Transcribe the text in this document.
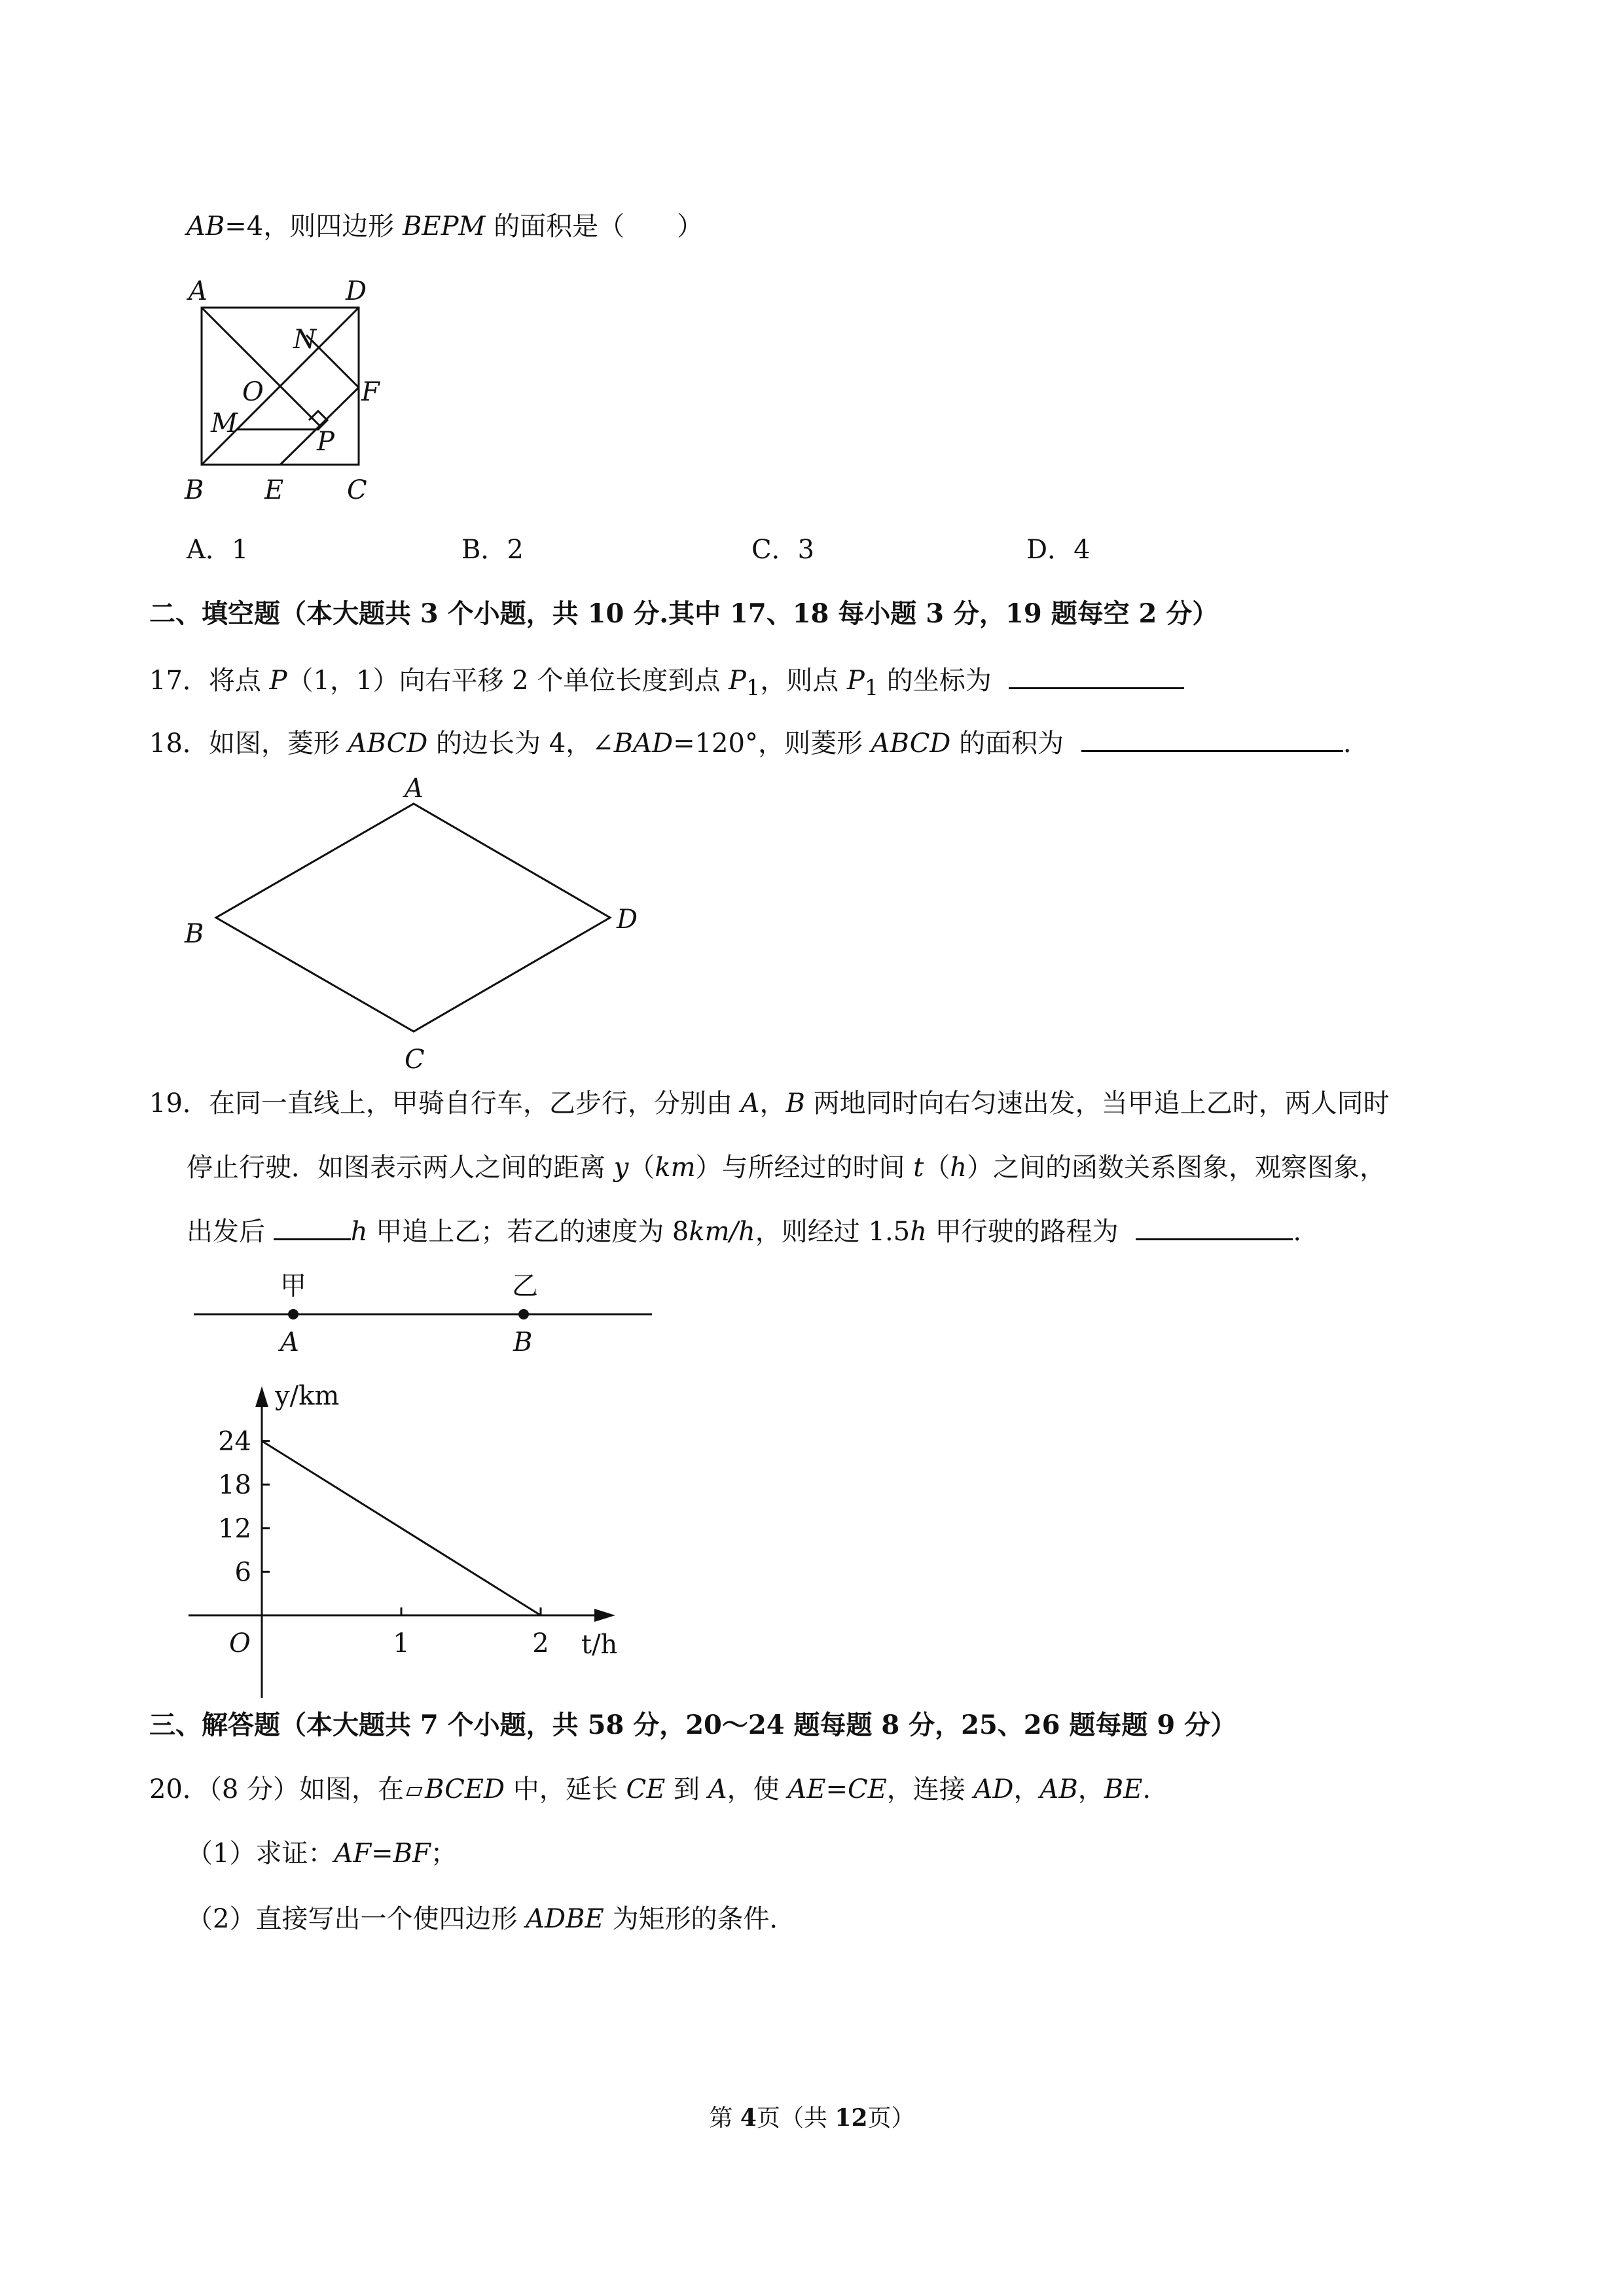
AB=4，则四边形 BEPM 的面积是（　　）
A	D
N
O	F
M
P
B E C
A．1	B．2	C．3	D．4
二、填空题（本大题共 3 个小题，共 10 分.其中 17、18 每小题 3 分，19 题每空 2 分）
17．将点 P（1，1）向右平移 2 个单位长度到点 $P_1$，则点 $P_1$ 的坐标为
18．如图，菱形 ABCD 的边长为 4，∠BAD=120°，则菱形 ABCD 的面积为	.
A
B
C
D
19．在同一直线上，甲骑自行车，乙步行，分别由 A，B 两地同时向右匀速出发，当甲追上乙时，两人同时
停止行驶．如图表示两人之间的距离 y（km）与所经过的时间 t（h）之间的函数关系图象，观察图象，
出发后	h 甲追上乙；若乙的速度为 8km/h，则经过 1.5h 甲行驶的路程为	.
甲	乙
A	B
6
12
18
24
1	2
O
y/km
t/h
三、解答题（本大题共 7 个小题，共 58 分，20～24 题每题 8 分，25、26 题每题 9 分）
20．（8 分）如图，在 BCED 中，延长 CE 到 A，使 AE=CE，连接 AD，AB，BE.
（1）求证：AF=BF；
（2）直接写出一个使四边形 ADBE 为矩形的条件．
第 4页（共 12页）
